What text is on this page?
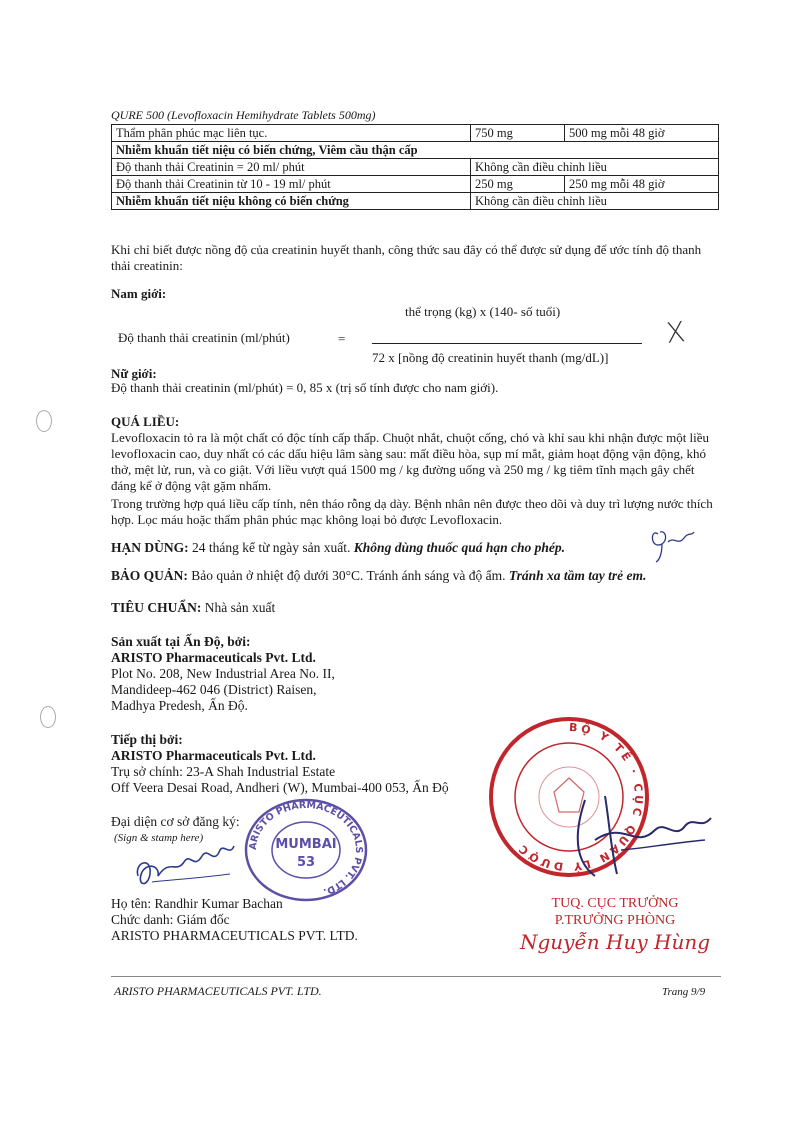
QURE 500 (Levofloxacin Hemihydrate Tablets 500mg)
Thẩm phân phúc mạc liên tục.	750 mg	500 mg mỗi 48 giờ
Nhiễm khuẩn tiết niệu có biến chứng, Viêm cầu thận cấp		
Độ thanh thải Creatinin = 20 ml/ phút	Không cần điều chỉnh liều	
Độ thanh thải Creatinin từ 10 - 19 ml/ phút	250 mg	250 mg mỗi 48 giờ
Nhiễm khuẩn tiết niệu không có biến chứng	Không cần điều chỉnh liều	
Khi chỉ biết được nồng độ của creatinin huyết thanh, công thức sau đây có thể được sử dụng để ước tính độ thanh thải creatinin:
Nam giới:
thể trọng (kg) x (140- số tuổi)
Độ thanh thải creatinin (ml/phút)	=
72 x [nồng độ creatinin huyết thanh (mg/dL)]
X
Nữ giới:
Độ thanh thải creatinin (ml/phút) = 0, 85 x (trị số tính được cho nam giới).
QUÁ LIỀU:
Levofloxacin tỏ ra là một chất có độc tính cấp thấp. Chuột nhắt, chuột cống, chó và khỉ sau khi nhận được một liều levofloxacin cao, duy nhất có các dấu hiệu lâm sàng sau: mất điều hòa, sụp mí mắt, giảm hoạt động vận động, khó thở, mệt lử, run, và co giật. Với liều vượt quá 1500 mg / kg đường uống và 250 mg / kg tiêm tĩnh mạch gây chết đáng kể ở động vật gặm nhấm.
Trong trường hợp quá liều cấp tính, nên tháo rỗng dạ dày. Bệnh nhân nên được theo dõi và duy trì lượng nước thích hợp. Lọc máu hoặc thẩm phân phúc mạc không loại bỏ được Levofloxacin.
HẠN DÙNG: 24 tháng kể từ ngày sản xuất. Không dùng thuốc quá hạn cho phép.
BẢO QUẢN: Bảo quản ở nhiệt độ dưới 30°C. Tránh ánh sáng và độ ẩm. Tránh xa tầm tay trẻ em.
TIÊU CHUẨN: Nhà sản xuất
Sản xuất tại Ấn Độ, bởi:
ARISTO Pharmaceuticals Pvt. Ltd.
Plot No. 208, New Industrial Area No. II,
Mandideep-462 046 (District) Raisen,
Madhya Predesh, Ấn Độ.
Tiếp thị bởi:
ARISTO Pharmaceuticals Pvt. Ltd.
Trụ sở chính: 23-A Shah Industrial Estate
Off Veera Desai Road, Andheri (W), Mumbai-400 053, Ấn Độ
Đại diện cơ sở đăng ký:
(Sign & stamp here)
ARISTO PHARMACEUTICALS PVT. LTD.
MUMBAI
53
Họ tên: Randhir Kumar Bachan
Chức danh: Giám đốc
ARISTO PHARMACEUTICALS PVT. LTD.
BỘ Y TẾ · CỤC QUẢN LÝ DƯỢC
TUQ. CỤC TRƯỞNG
P.TRƯỞNG PHÒNG
Nguyễn Huy Hùng
ARISTO PHARMACEUTICALS PVT. LTD.	Trang 9/9
